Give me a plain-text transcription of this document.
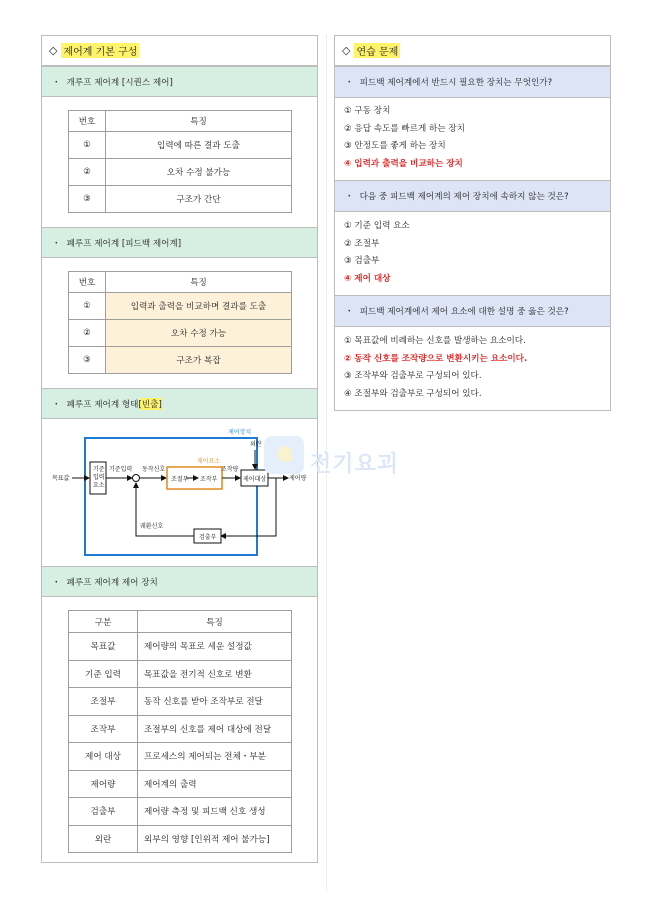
◇ 제어계 기본 구성
・ 개루프 제어계 [시퀀스 제어]
번호	특징
①	입력에 따른 결과 도출
②	오차 수정 불가능
③	구조가 간단
・ 폐루프 제어계 [피드백 제어계]
번호	특징
①	입력과 출력을 비교하며 결과를 도출
②	오차 수정 가능
③	구조가 복잡
・ 폐루프 제어계 형태 [빈출]
제어장치
목표값
기준
입력
요소
기준입력 동작신호
제어요소
조절부 조작부
조작량
제어대상
외란
제어량
검출부
궤환신호
・ 폐루프 제어계 제어 장치
구분	특징
목표값	제어량의 목표로 세운 설정값
기준 입력	목표값을 전기적 신호로 변환
조절부	동작 신호를 받아 조작부로 전달
조작부	조절부의 신호를 제어 대상에 전달
제어 대상	프로세스의 제어되는 전체・부분
제어량	제어계의 출력
검출부	제어량 측정 및 피드백 신호 생성
외란	외부의 영향 [인위적 제어 불가능]
전기요괴
◇ 연습 문제
・ 피드백 제어계에서 반드시 필요한 장치는 무엇인가?
① 구동 장치
② 응답 속도를 빠르게 하는 장치
③ 안정도를 좋게 하는 장치
④ 입력과 출력을 비교하는 장치
・ 다음 중 피드백 제어계의 제어 장치에 속하지 않는 것은?
① 기준 입력 요소
② 조절부
③ 검출부
④ 제어 대상
・ 피드백 제어계에서 제어 요소에 대한 설명 중 옳은 것은?
① 목표값에 비례하는 신호를 발생하는 요소이다.
② 동작 신호를 조작량으로 변환시키는 요소이다.
③ 조작부와 검출부로 구성되어 있다.
④ 조절부와 검출부로 구성되어 있다.
